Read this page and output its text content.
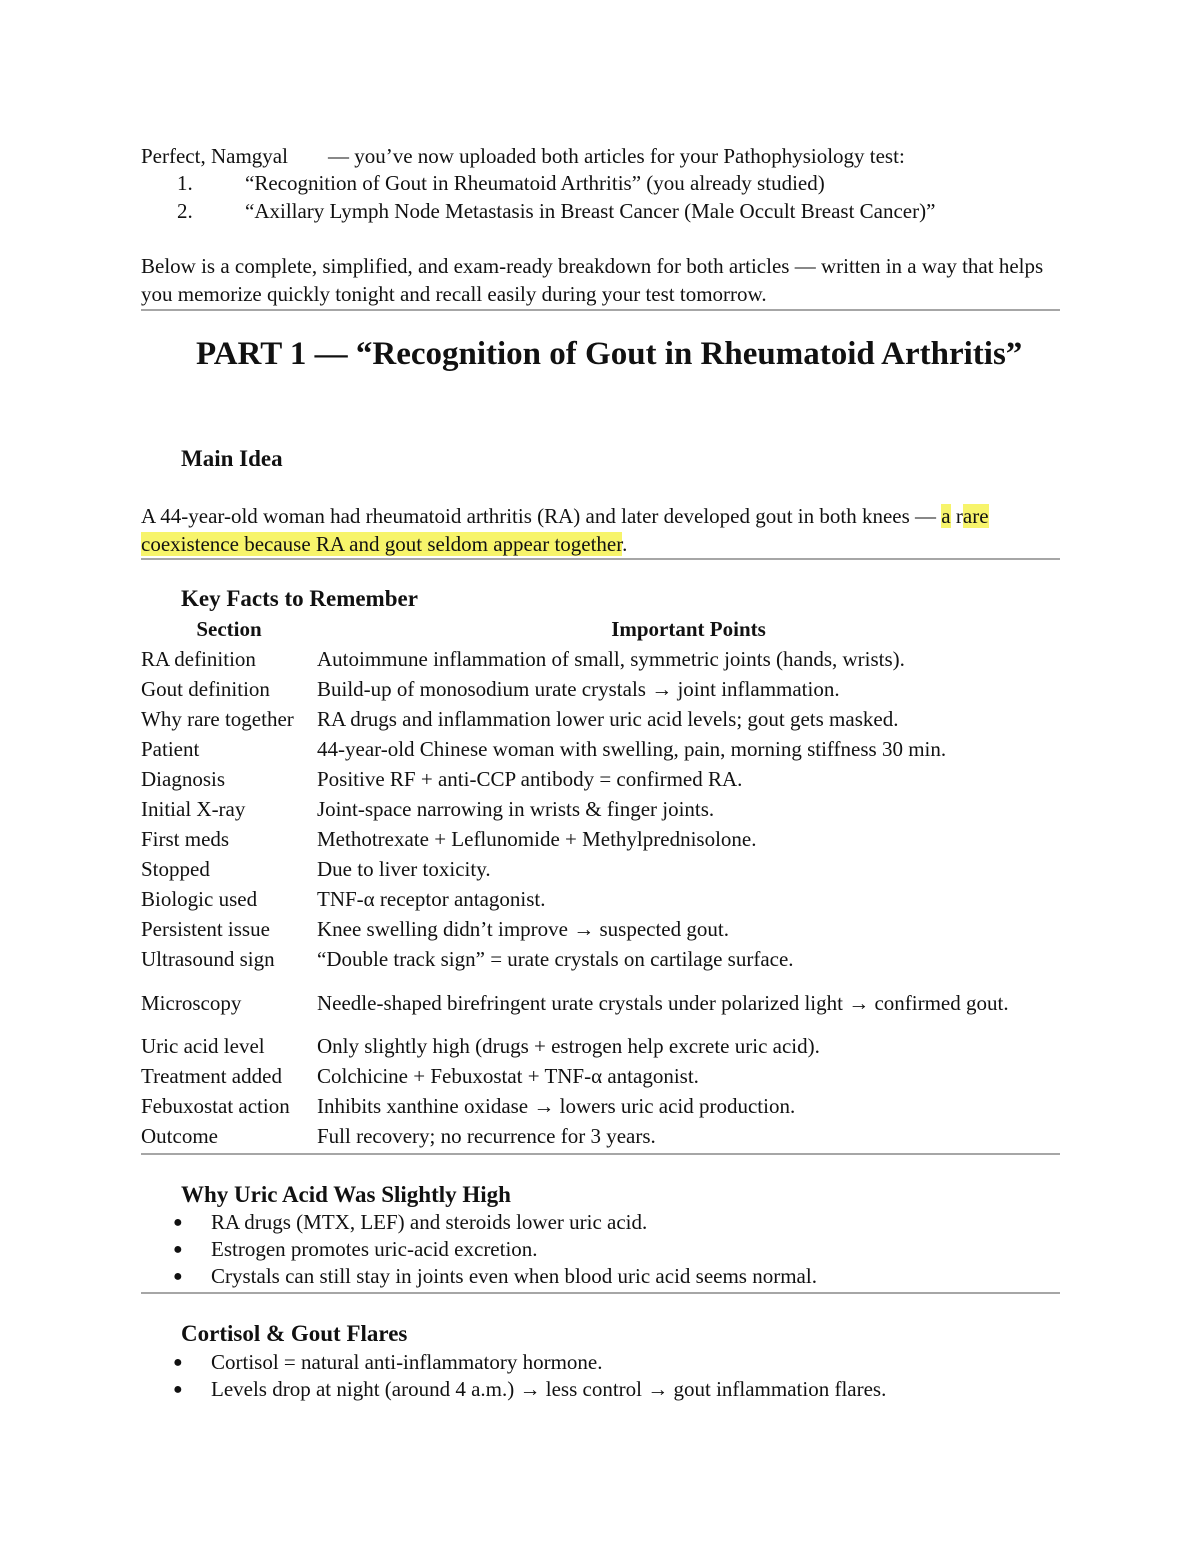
Perfect, Namgyal — you’ve now uploaded both articles for your Pathophysiology test:
1. “Recognition of Gout in Rheumatoid Arthritis” (you already studied)
2. “Axillary Lymph Node Metastasis in Breast Cancer (Male Occult Breast Cancer)”
Below is a complete, simplified, and exam-ready breakdown for both articles — written in a way that helps you memorize quickly tonight and recall easily during your test tomorrow.
PART 1 — “Recognition of Gout in Rheumatoid Arthritis”
Main Idea
A 44-year-old woman had rheumatoid arthritis (RA) and later developed gout in both knees — a rare coexistence because RA and gout seldom appear together.
Key Facts to Remember
Section	Important Points
RA definition	Autoimmune inflammation of small, symmetric joints (hands, wrists).
Gout definition	Build-up of monosodium urate crystals → joint inflammation.
Why rare together	RA drugs and inflammation lower uric acid levels; gout gets masked.
Patient	44-year-old Chinese woman with swelling, pain, morning stiffness 30 min.
Diagnosis	Positive RF + anti-CCP antibody = confirmed RA.
Initial X-ray	Joint-space narrowing in wrists & finger joints.
First meds	Methotrexate + Leflunomide + Methylprednisolone.
Stopped	Due to liver toxicity.
Biologic used	TNF-α receptor antagonist.
Persistent issue	Knee swelling didn’t improve → suspected gout.
Ultrasound sign	“Double track sign” = urate crystals on cartilage surface.
Microscopy	Needle-shaped birefringent urate crystals under polarized light → confirmed gout.
Uric acid level	Only slightly high (drugs + estrogen help excrete uric acid).
Treatment added	Colchicine + Febuxostat + TNF-α antagonist.
Febuxostat action	Inhibits xanthine oxidase → lowers uric acid production.
Outcome	Full recovery; no recurrence for 3 years.
Why Uric Acid Was Slightly High
● RA drugs (MTX, LEF) and steroids lower uric acid.
● Estrogen promotes uric-acid excretion.
● Crystals can still stay in joints even when blood uric acid seems normal.
Cortisol & Gout Flares
● Cortisol = natural anti-inflammatory hormone.
● Levels drop at night (around 4 a.m.) → less control → gout inflammation flares.
